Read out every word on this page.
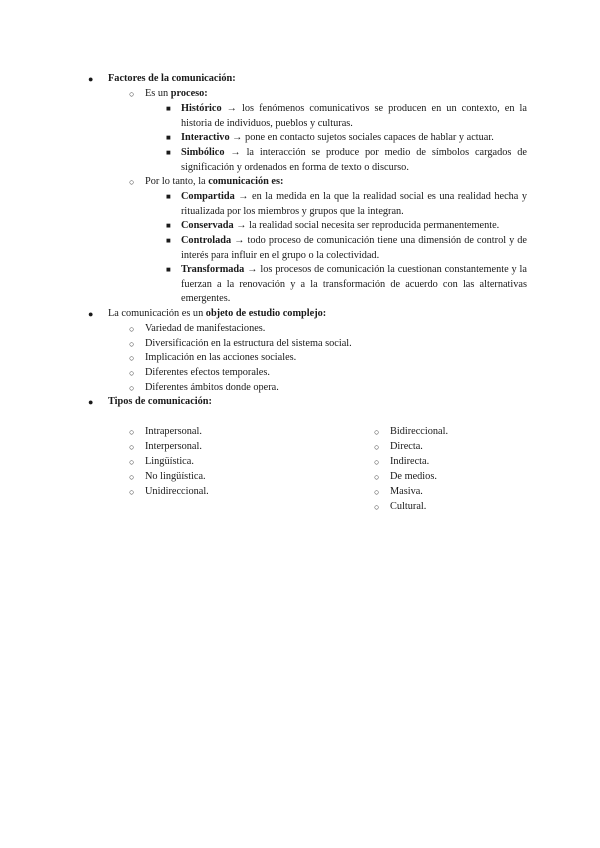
● Factores de la comunicación:

○ Es un proceso:

■ Histórico → los fenómenos comunicativos se producen en un contexto, en la historia de individuos, pueblos y culturas.

■ Interactivo → pone en contacto sujetos sociales capaces de hablar y actuar.

■ Simbólico → la interacción se produce por medio de símbolos cargados de significación y ordenados en forma de texto o discurso.

○ Por lo tanto, la comunicación es:

■ Compartida → en la medida en la que la realidad social es una realidad hecha y ritualizada por los miembros y grupos que la integran.

■ Conservada → la realidad social necesita ser reproducida permanentemente.

■ Controlada → todo proceso de comunicación tiene una dimensión de control y de interés para influir en el grupo o la colectividad.

■ Transformada → los procesos de comunicación la cuestionan constantemente y la fuerzan a la renovación y a la transformación de acuerdo con las alternativas emergentes.

● La comunicación es un objeto de estudio complejo:

○ Variedad de manifestaciones.

○ Diversificación en la estructura del sistema social.

○ Implicación en las acciones sociales.

○ Diferentes efectos temporales.

○ Diferentes ámbitos donde opera.

● Tipos de comunicación:

○ Intrapersonal.
○ Interpersonal.
○ Lingüística.
○ No lingüística.
○ Unidireccional.
○ Bidireccional.
○ Directa.
○ Indirecta.
○ De medios.
○ Masiva.
○ Cultural.
